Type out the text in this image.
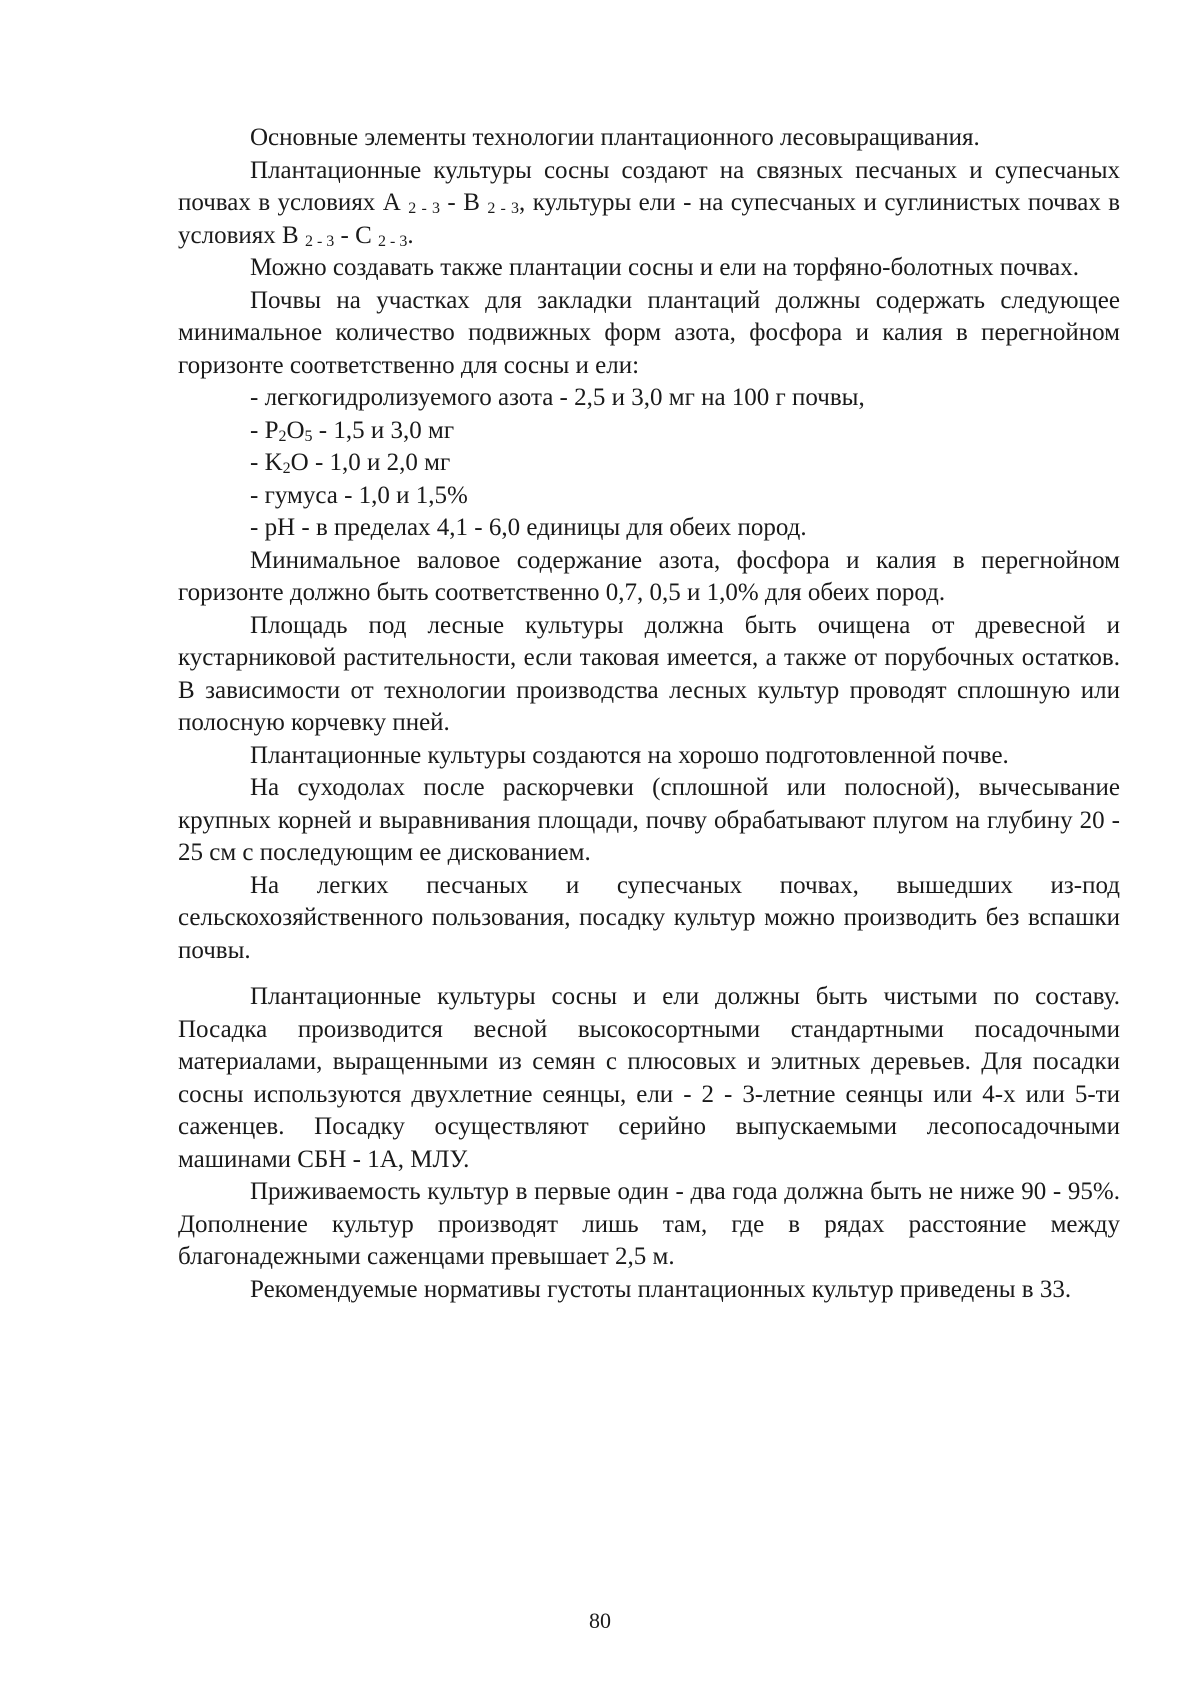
Основные элементы технологии плантационного лесовыращивания.

Плантационные культуры сосны создают на связных песчаных и супесчаных почвах в условиях А $_{2 - 3}$ - В $_{2 - 3}$, культуры ели - на супесчаных и суглинистых почвах в условиях В $_{2 - 3}$ - С $_{2 - 3}$.

Можно создавать также плантации сосны и ели на торфяно-болотных почвах.

Почвы на участках для закладки плантаций должны содержать следующее минимальное количество подвижных форм азота, фосфора и калия в перегнойном горизонте соответственно для сосны и ели:

- легкогидролизуемого азота - 2,5 и 3,0 мг на 100 г почвы,

- $P_2O_5 - 1,5$ и 3,0 мг

- $K_2O - 1,0$ и 2,0 мг

- гумуса - 1,0 и 1,5%

- pH - в пределах 4,1 - 6,0 единицы для обеих пород.

Минимальное валовое содержание азота, фосфора и калия в перегнойном горизонте должно быть соответственно 0,7, 0,5 и 1,0% для обеих пород.

Площадь под лесные культуры должна быть очищена от древесной и кустарниковой растительности, если таковая имеется, а также от порубочных остатков. В зависимости от технологии производства лесных культур проводят сплошную или полосную корчевку пней.

Плантационные культуры создаются на хорошо подготовленной почве.

На суходолах после раскорчевки (сплошной или полосной), вычесывание крупных корней и выравнивания площади, почву обрабатывают плугом на глубину 20 - 25 см с последующим ее дискованием.

На легких песчаных и супесчаных почвах, вышедших из-под сельскохозяйственного пользования, посадку культур можно производить без вспашки почвы.

Плантационные культуры сосны и ели должны быть чистыми по составу. Посадка производится весной высокосортными стандартными посадочными материалами, выращенными из семян с плюсовых и элитных деревьев. Для посадки сосны используются двухлетние сеянцы, ели - 2 - 3-летние сеянцы или 4-х или 5-ти саженцев. Посадку осуществляют серийно выпускаемыми лесопосадочными машинами СБН - 1А, МЛУ.

Приживаемость культур в первые один - два года должна быть не ниже 90 - 95%. Дополнение культур производят лишь там, где в рядах расстояние между благонадежными саженцами превышает 2,5 м.

Рекомендуемые нормативы густоты плантационных культур приведены в 33.

80
